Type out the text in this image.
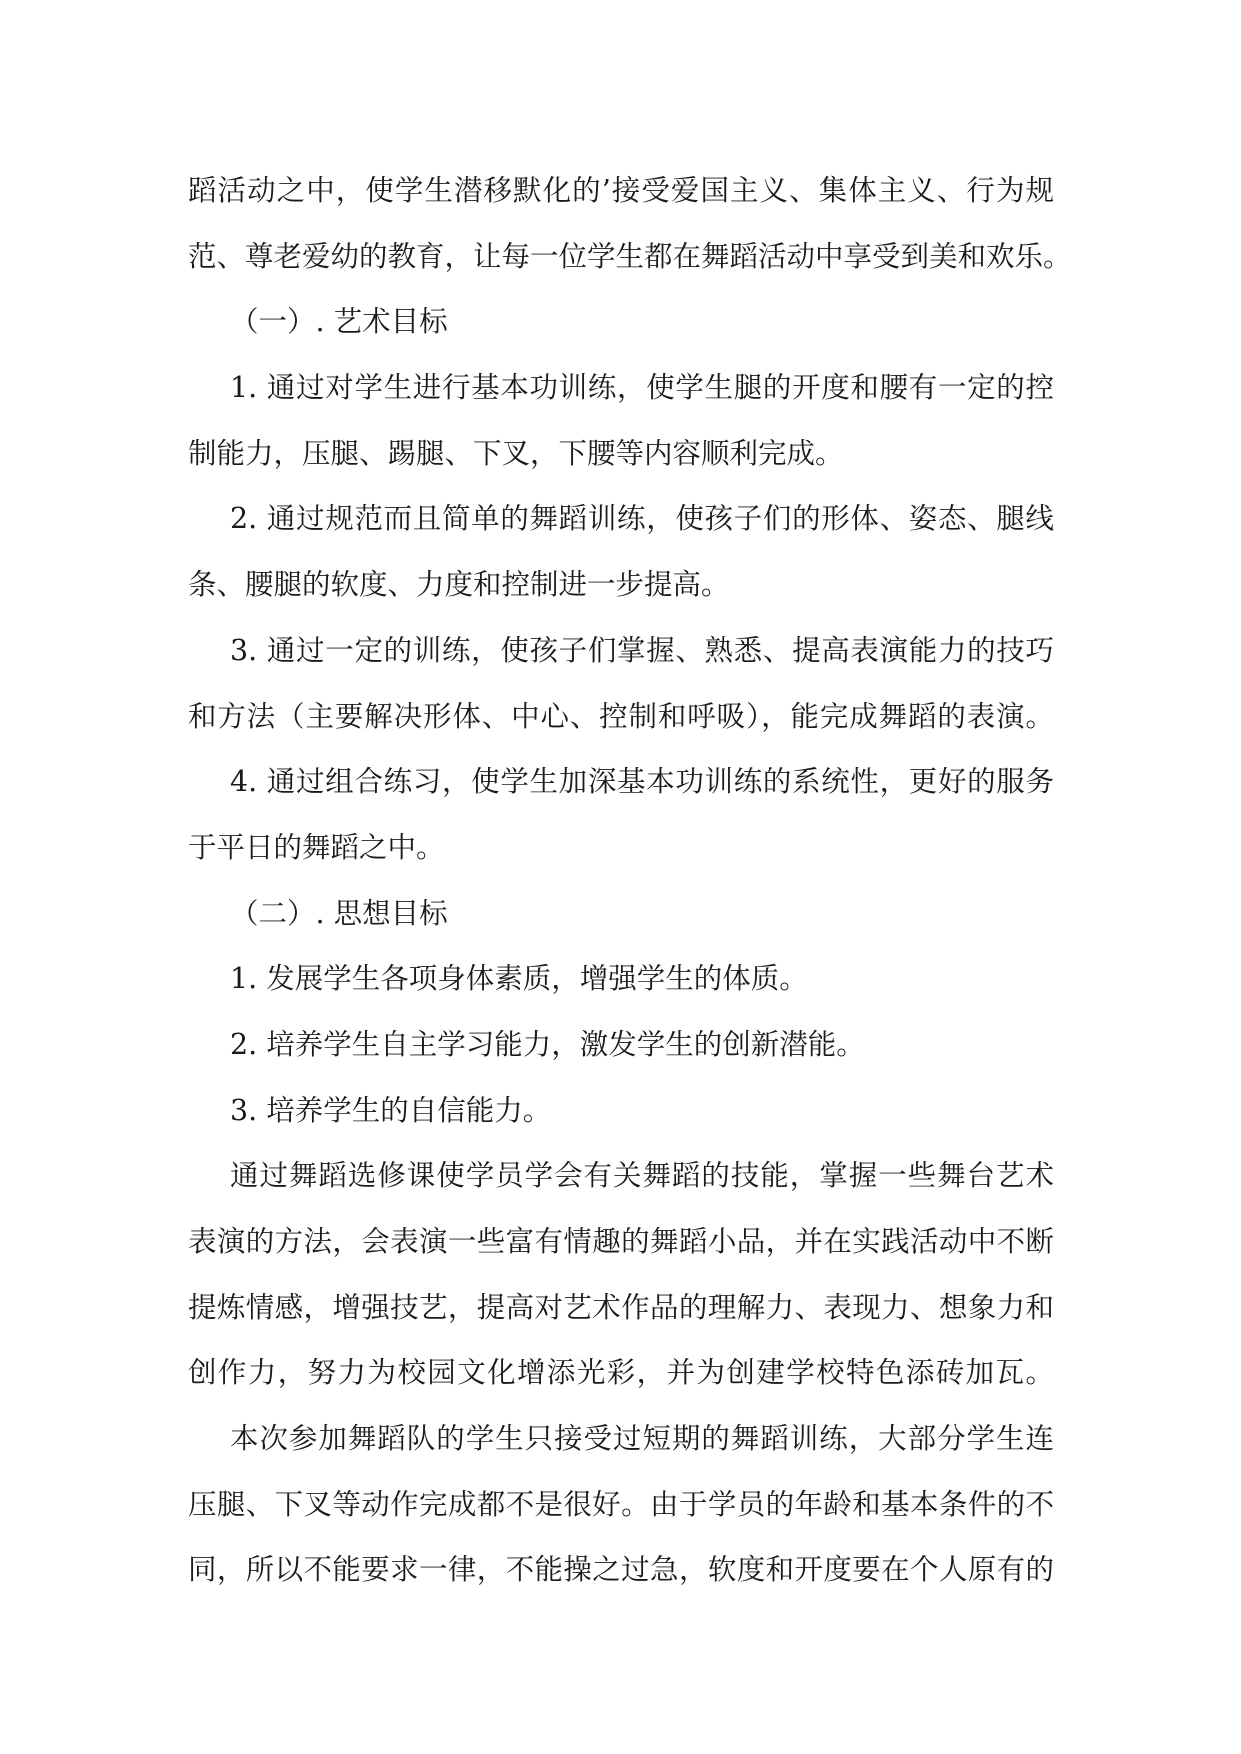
蹈活动之中，使学生潜移默化的’接受爱国主义、集体主义、行为规
范、尊老爱幼的教育，让每一位学生都在舞蹈活动中享受到美和欢乐。
（一）. 艺术目标
1. 通过对学生进行基本功训练，使学生腿的开度和腰有一定的控
制能力，压腿、踢腿、下叉，下腰等内容顺利完成。
2. 通过规范而且简单的舞蹈训练，使孩子们的形体、姿态、腿线
条、腰腿的软度、力度和控制进一步提高。
3. 通过一定的训练，使孩子们掌握、熟悉、提高表演能力的技巧
和方法（主要解决形体、中心、控制和呼吸），能完成舞蹈的表演。
4. 通过组合练习，使学生加深基本功训练的系统性，更好的服务
于平日的舞蹈之中。
（二）. 思想目标
1. 发展学生各项身体素质，增强学生的体质。
2. 培养学生自主学习能力，激发学生的创新潜能。
3. 培养学生的自信能力。
通过舞蹈选修课使学员学会有关舞蹈的技能，掌握一些舞台艺术
表演的方法，会表演一些富有情趣的舞蹈小品，并在实践活动中不断
提炼情感，增强技艺，提高对艺术作品的理解力、表现力、想象力和
创作力，努力为校园文化增添光彩，并为创建学校特色添砖加瓦。
本次参加舞蹈队的学生只接受过短期的舞蹈训练，大部分学生连
压腿、下叉等动作完成都不是很好。由于学员的年龄和基本条件的不
同，所以不能要求一律，不能操之过急，软度和开度要在个人原有的
